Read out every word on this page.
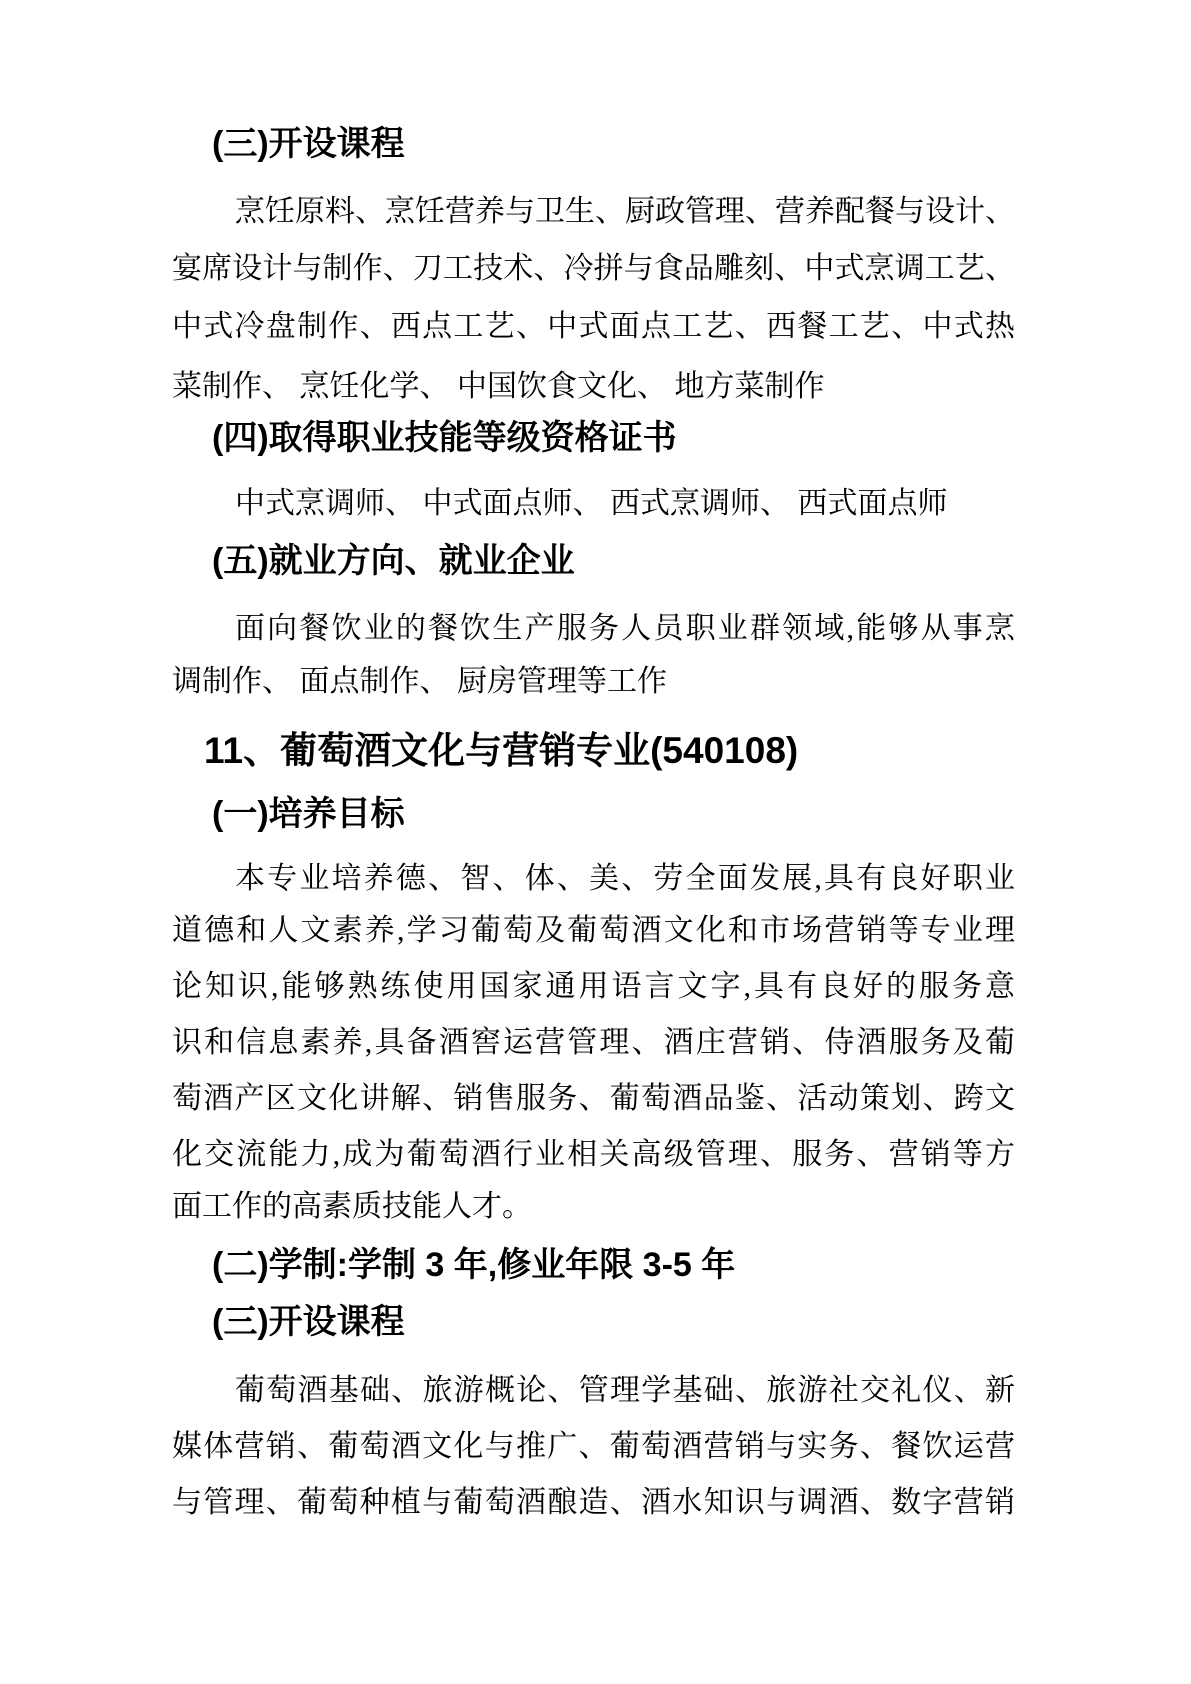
(三)开设课程
烹饪原料、烹饪营养与卫生、厨政管理、营养配餐与设计、
宴席设计与制作、刀工技术、冷拼与食品雕刻、中式烹调工艺、
中式冷盘制作、西点工艺、中式面点工艺、西餐工艺、中式热
菜制作、 烹饪化学、 中国饮食文化、 地方菜制作
(四)取得职业技能等级资格证书
中式烹调师、 中式面点师、 西式烹调师、 西式面点师
(五)就业方向、就业企业
面向餐饮业的餐饮生产服务人员职业群领域,能够从事烹
调制作、 面点制作、 厨房管理等工作
11、葡萄酒文化与营销专业(540108)
(一)培养目标
本专业培养德、智、体、美、劳全面发展,具有良好职业
道德和人文素养,学习葡萄及葡萄酒文化和市场营销等专业理
论知识,能够熟练使用国家通用语言文字,具有良好的服务意
识和信息素养,具备酒窖运营管理、酒庄营销、侍酒服务及葡
萄酒产区文化讲解、销售服务、葡萄酒品鉴、活动策划、跨文
化交流能力,成为葡萄酒行业相关高级管理、服务、营销等方
面工作的高素质技能人才。
(二)学制:学制 3 年,修业年限 3-5 年
(三)开设课程
葡萄酒基础、旅游概论、管理学基础、旅游社交礼仪、新
媒体营销、葡萄酒文化与推广、葡萄酒营销与实务、餐饮运营
与管理、葡萄种植与葡萄酒酿造、酒水知识与调酒、数字营销
